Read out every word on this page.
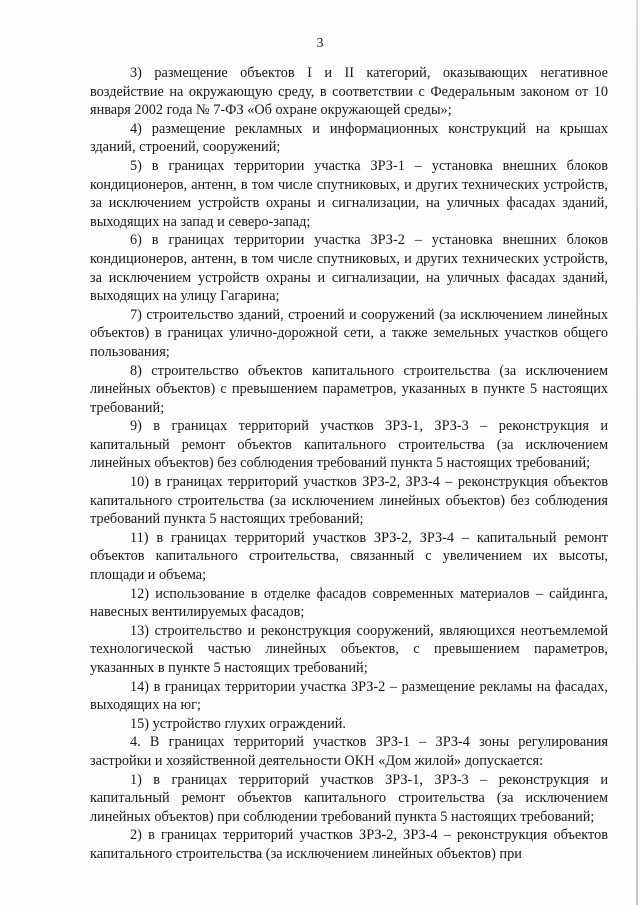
3

3) размещение объектов I и II категорий, оказывающих негативное воздействие на окружающую среду, в соответствии с Федеральным законом от 10 января 2002 года № 7-ФЗ «Об охране окружающей среды»;

4) размещение рекламных и информационных конструкций на крышах зданий, строений, сооружений;

5) в границах территории участка ЗРЗ-1 – установка внешних блоков кондиционеров, антенн, в том числе спутниковых, и других технических устройств, за исключением устройств охраны и сигнализации, на уличных фасадах зданий, выходящих на запад и северо-запад;

6) в границах территории участка ЗРЗ-2 – установка внешних блоков кондиционеров, антенн, в том числе спутниковых, и других технических устройств, за исключением устройств охраны и сигнализации, на уличных фасадах зданий, выходящих на улицу Гагарина;

7) строительство зданий, строений и сооружений (за исключением линейных объектов) в границах улично-дорожной сети, а также земельных участков общего пользования;

8) строительство объектов капитального строительства (за исключением линейных объектов) с превышением параметров, указанных в пункте 5 настоящих требований;

9) в границах территорий участков ЗРЗ-1, ЗРЗ-3 – реконструкция и капитальный ремонт объектов капитального строительства (за исключением линейных объектов) без соблюдения требований пункта 5 настоящих требований;

10) в границах территорий участков ЗРЗ-2, ЗРЗ-4 – реконструкция объектов капитального строительства (за исключением линейных объектов) без соблюдения требований пункта 5 настоящих требований;

11) в границах территорий участков ЗРЗ-2, ЗРЗ-4 – капитальный ремонт объектов капитального строительства, связанный с увеличением их высоты, площади и объема;

12) использование в отделке фасадов современных материалов – сайдинга, навесных вентилируемых фасадов;

13) строительство и реконструкция сооружений, являющихся неотъемлемой технологической частью линейных объектов, с превышением параметров, указанных в пункте 5 настоящих требований;

14) в границах территории участка ЗРЗ-2 – размещение рекламы на фасадах, выходящих на юг;

15) устройство глухих ограждений.

4. В границах территорий участков ЗРЗ-1 – ЗРЗ-4 зоны регулирования застройки и хозяйственной деятельности ОКН «Дом жилой» допускается:

1) в границах территорий участков ЗРЗ-1, ЗРЗ-3 – реконструкция и капитальный ремонт объектов капитального строительства (за исключением линейных объектов) при соблюдении требований пункта 5 настоящих требований;

2) в границах территорий участков ЗРЗ-2, ЗРЗ-4 – реконструкция объектов капитального строительства (за исключением линейных объектов) при
